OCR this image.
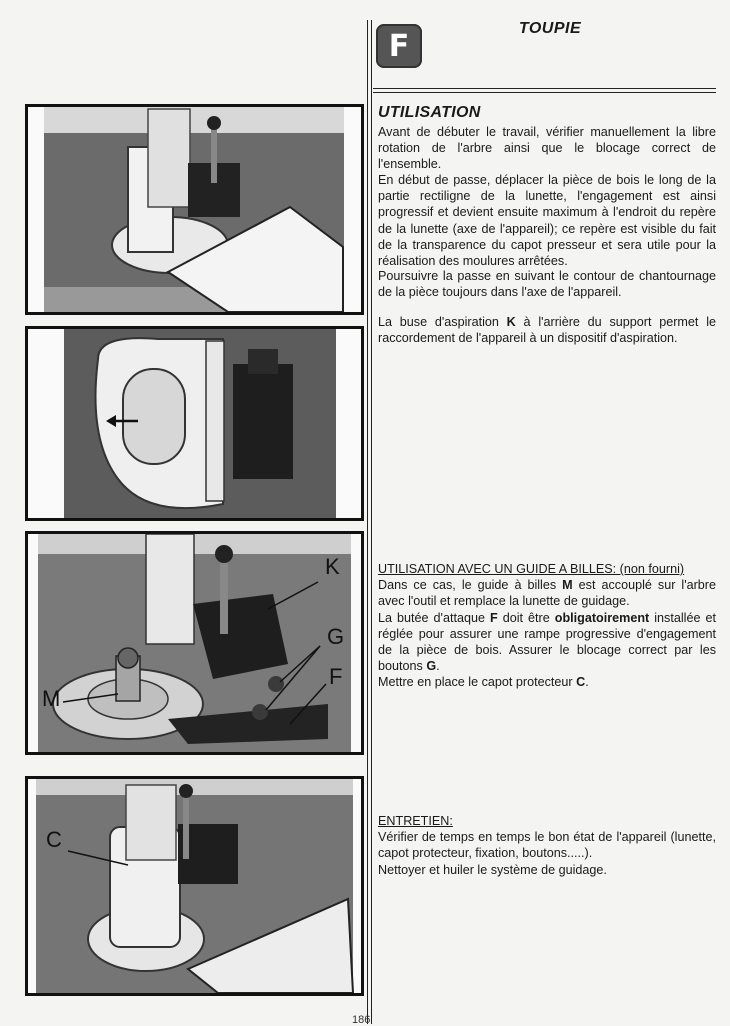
F	TOUPIE
UTILISATION

Avant de débuter le travail, vérifier manuellement la libre rotation de l'arbre ainsi que le blocage correct de l'ensemble.

En début de passe, déplacer la pièce de bois le long de la partie rectiligne de la lunette, l'engagement est ainsi progressif et devient ensuite maximum à l'endroit du repère de la lunette (axe de l'appareil); ce repère est visible du fait de la transparence du capot presseur et sera utile pour la réalisation des moulures arrêtées.

Poursuivre la passe en suivant le contour de chantournage de la pièce toujours dans l'axe de l'appareil.

La buse d'aspiration K à l'arrière du support permet le raccordement de l'appareil à un dispositif d'aspiration.

UTILISATION AVEC UN GUIDE A BILLES: (non fourni)
Dans ce cas, le guide à billes M est accouplé sur l'arbre avec l'outil et remplace la lunette de guidage.
La butée d'attaque F doit être obligatoirement installée et réglée pour assurer une rampe progressive d'engagement de la pièce de bois. Assurer le blocage correct par les boutons G.
Mettre en place le capot protecteur C.

ENTRETIEN:
Vérifier de temps en temps le bon état de l'appareil (lunette, capot protecteur, fixation, boutons.....).
Nettoyer et huiler le système de guidage.

K
G
F
M
C
186
